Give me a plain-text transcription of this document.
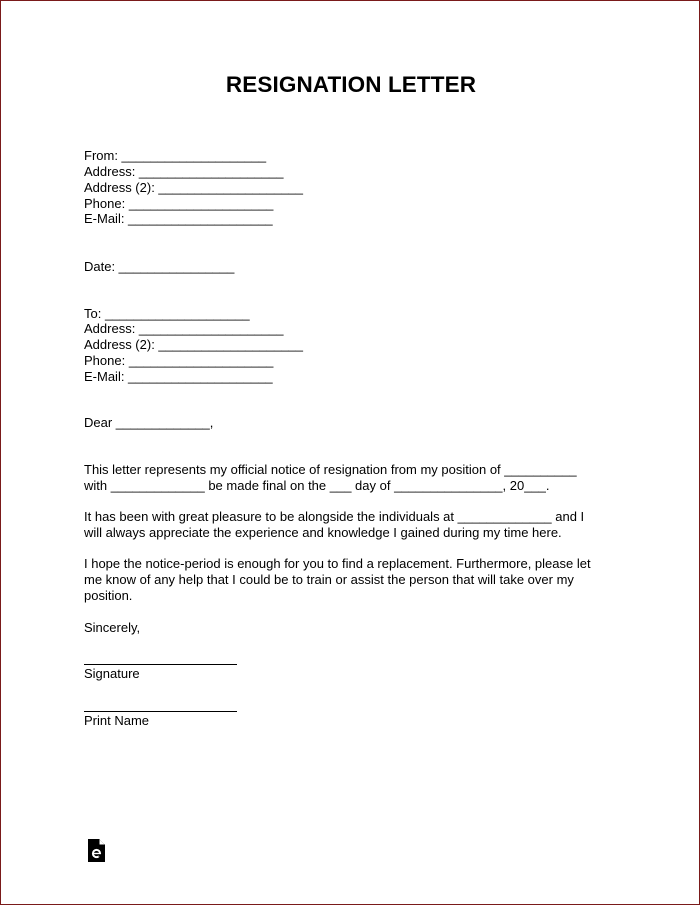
RESIGNATION LETTER
From: ____________________
Address: ____________________
Address (2): ____________________
Phone: ____________________
E-Mail: ____________________
Date: ________________
To: ____________________
Address: ____________________
Address (2): ____________________
Phone: ____________________
E-Mail: ____________________
Dear _____________,
This letter represents my official notice of resignation from my position of __________
with _____________ be made final on the ___ day of _______________, 20___.
It has been with great pleasure to be alongside the individuals at _____________ and I
will always appreciate the experience and knowledge I gained during my time here.
I hope the notice-period is enough for you to find a replacement. Furthermore, please let
me know of any help that I could be to train or assist the person that will take over my
position.
Sincerely,
Signature
Print Name
